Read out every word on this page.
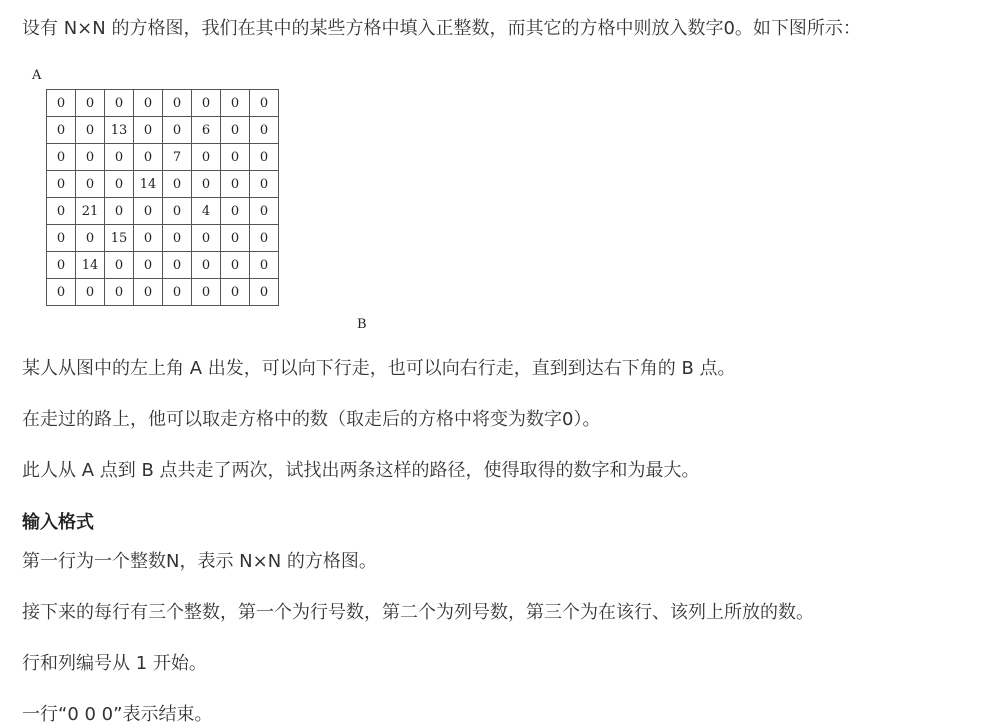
设有 N×N 的方格图，我们在其中的某些方格中填入正整数，而其它的方格中则放入数字0。如下图所示：

A
0	0	0	0	0	0	0	0
0	0	13	0	0	6	0	0
0	0	0	0	7	0	0	0
0	0	0	14	0	0	0	0
0	21	0	0	0	4	0	0
0	0	15	0	0	0	0	0
0	14	0	0	0	0	0	0
0	0	0	0	0	0	0	0
B

某人从图中的左上角 A 出发，可以向下行走，也可以向右行走，直到到达右下角的 B 点。

在走过的路上，他可以取走方格中的数（取走后的方格中将变为数字0）。

此人从 A 点到 B 点共走了两次，试找出两条这样的路径，使得取得的数字和为最大。

输入格式

第一行为一个整数N，表示 N×N 的方格图。

接下来的每行有三个整数，第一个为行号数，第二个为列号数，第三个为在该行、该列上所放的数。

行和列编号从 1 开始。

一行“0 0 0”表示结束。
